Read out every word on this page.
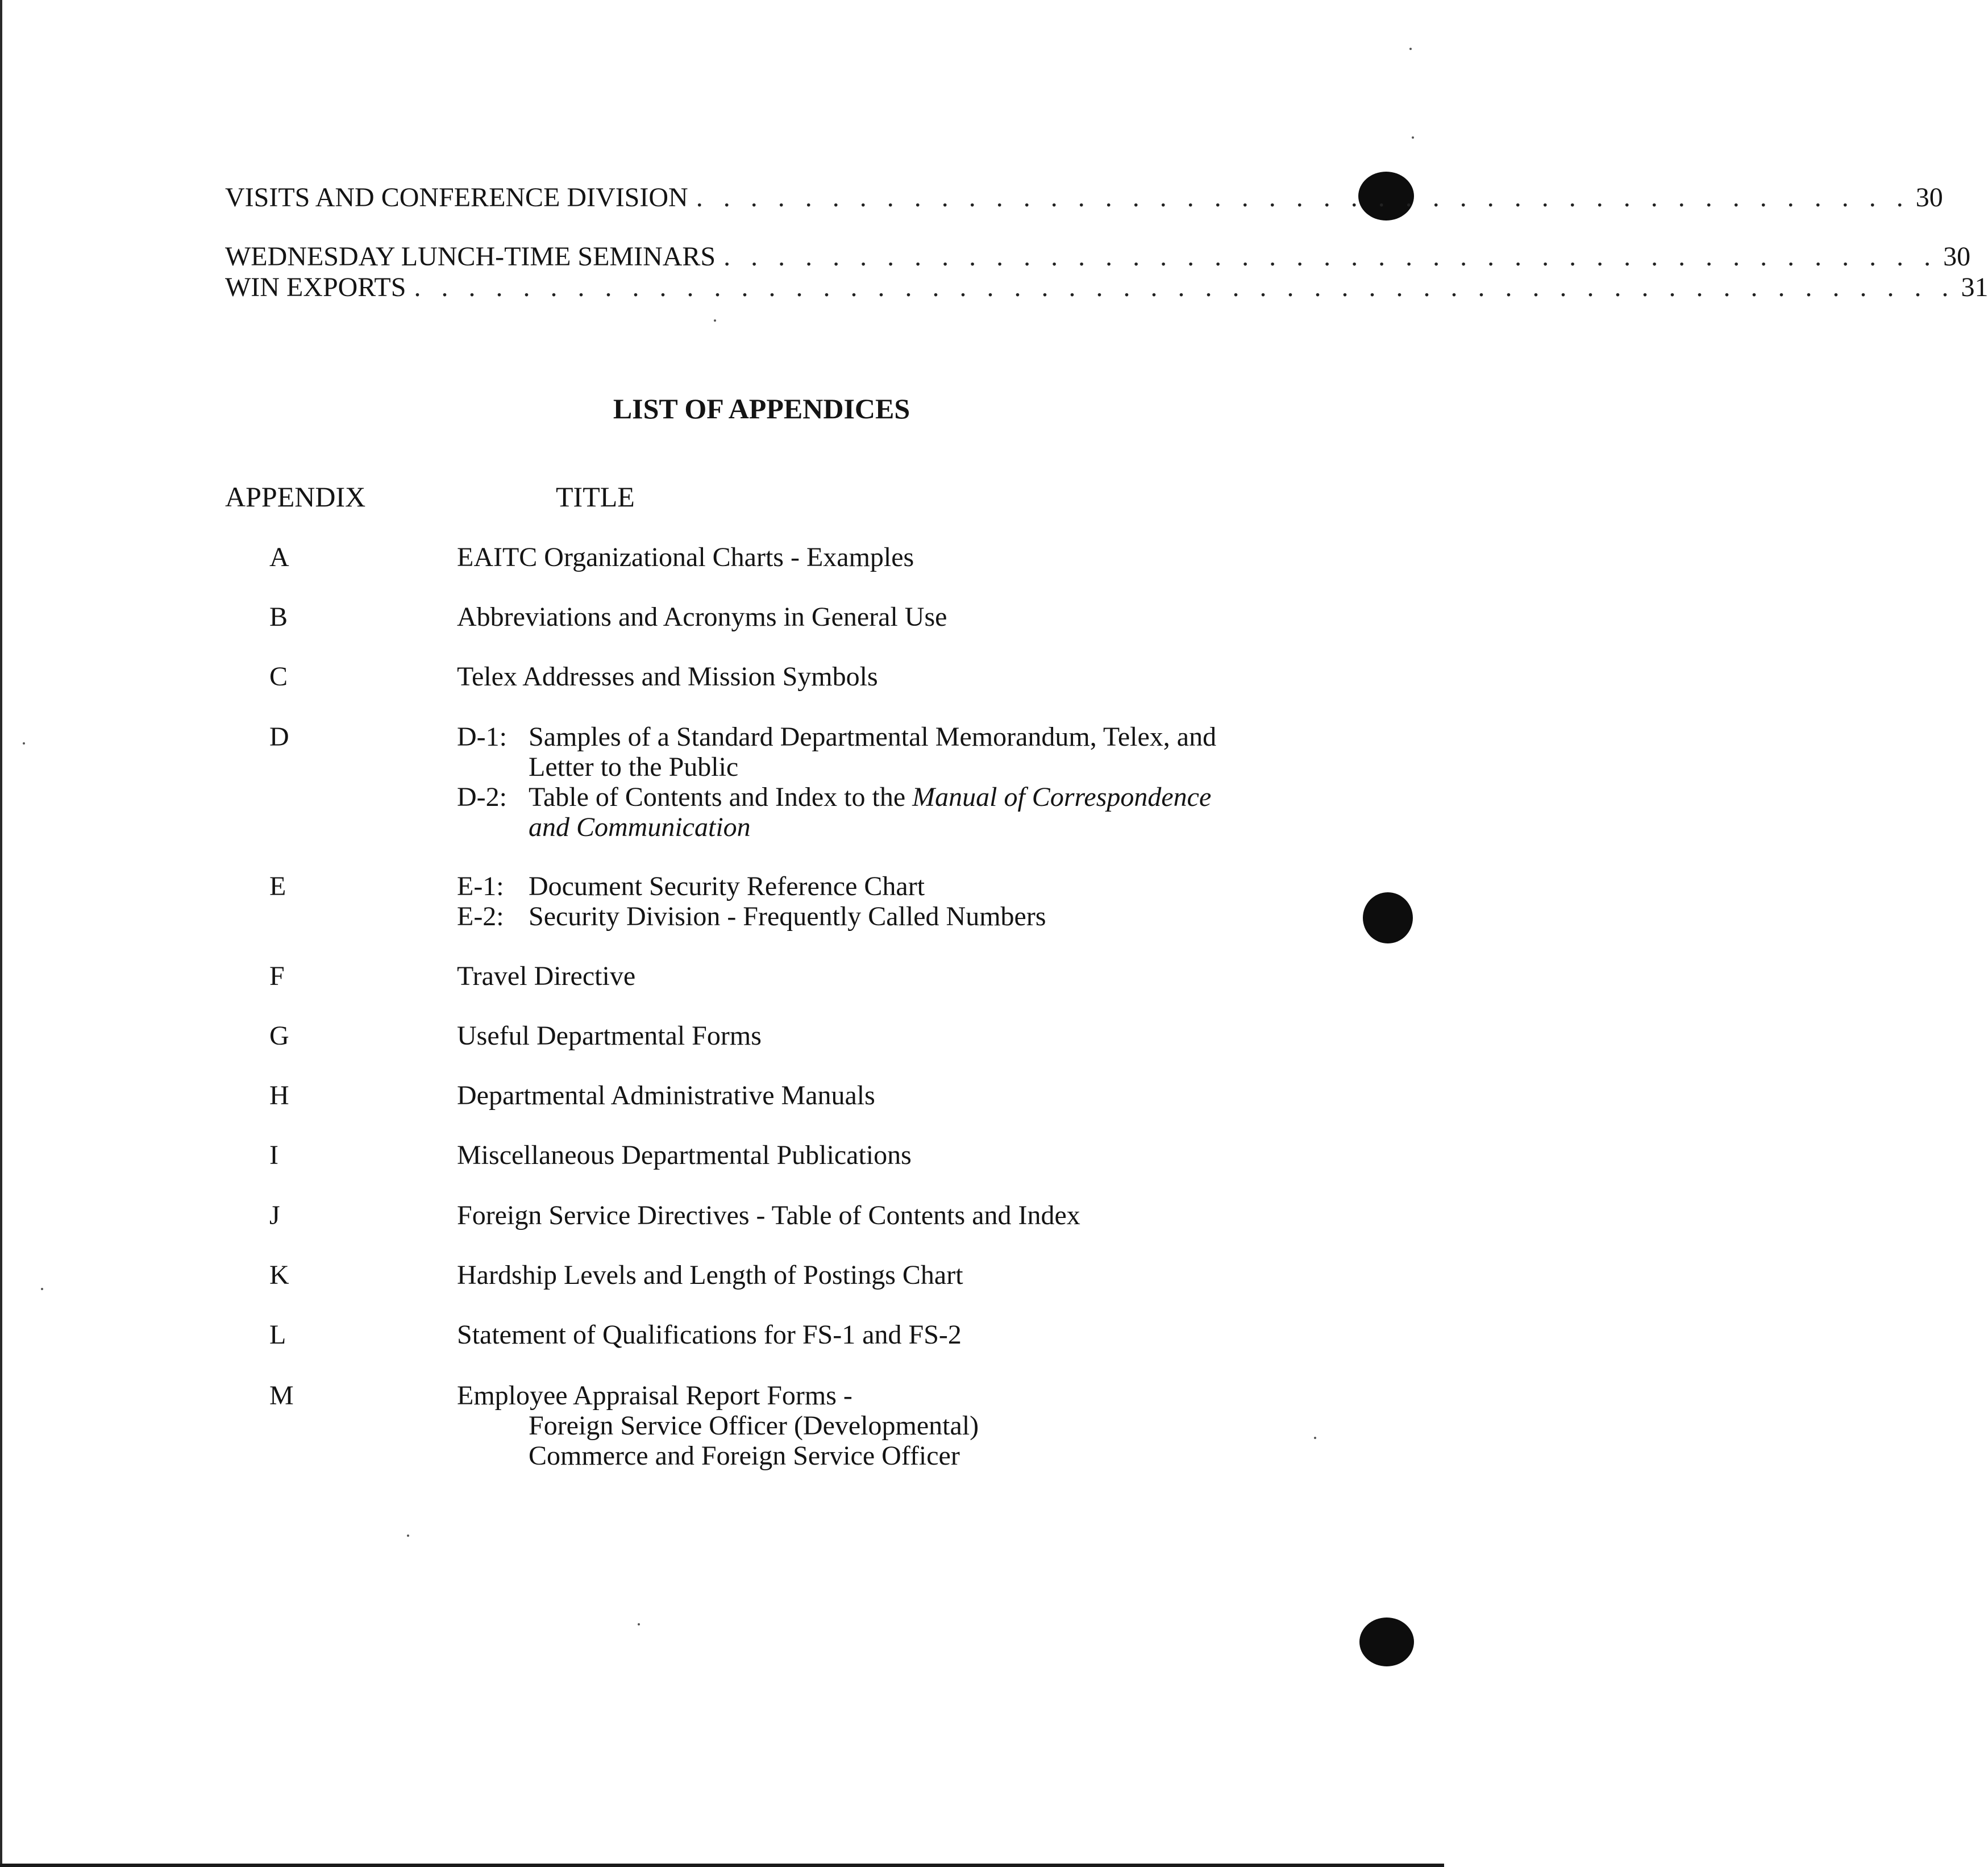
VISITS AND CONFERENCE DIVISION . . . . . . . . . . . . . . . . . . . . . . . . . . . . . . . . . . . . . . . . . . . . . 30
WEDNESDAY LUNCH-TIME SEMINARS . . . . . . . . . . . . . . . . . . . . . . . . . . . . . . . . . . . . . . . . . . . . . 30
WIN EXPORTS . . . . . . . . . . . . . . . . . . . . . . . . . . . . . . . . . . . . . . . . . . . . . . . . . . . . . . . . . 31
LIST OF APPENDICES
APPENDIX	TITLE
A	EAITC Organizational Charts - Examples
B	Abbreviations and Acronyms in General Use
C	Telex Addresses and Mission Symbols
D	D-1: Samples of a Standard Departmental Memorandum, Telex, and
Letter to the Public
D-2: Table of Contents and Index to the Manual of Correspondence
and Communication
E	E-1: Document Security Reference Chart
E-2: Security Division - Frequently Called Numbers
F	Travel Directive
G	Useful Departmental Forms
H	Departmental Administrative Manuals
I	Miscellaneous Departmental Publications
J	Foreign Service Directives - Table of Contents and Index
K	Hardship Levels and Length of Postings Chart
L	Statement of Qualifications for FS-1 and FS-2
M	Employee Appraisal Report Forms -
Foreign Service Officer (Developmental)
Commerce and Foreign Service Officer
